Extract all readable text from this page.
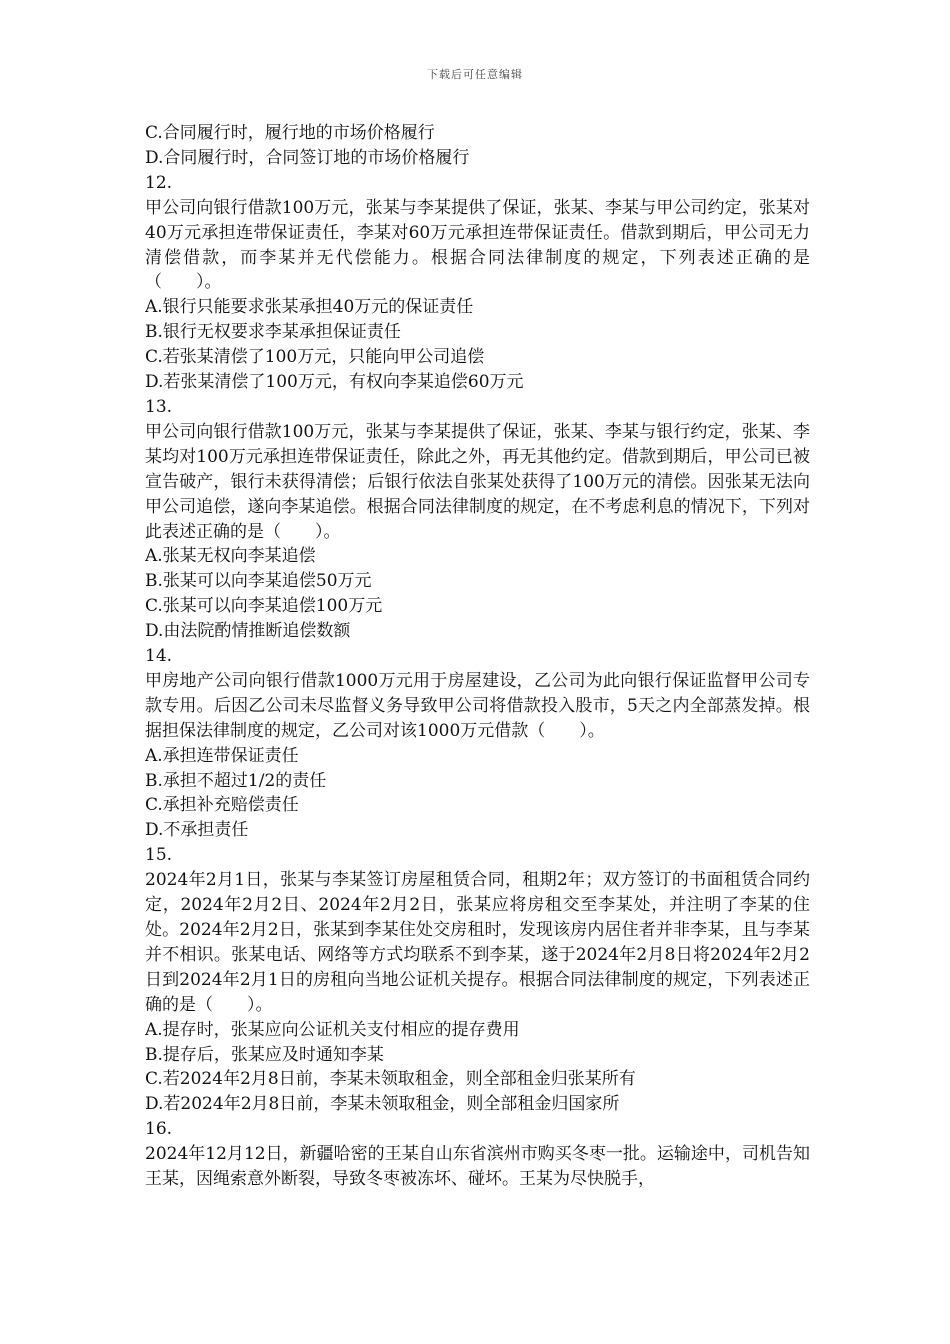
下载后可任意编辑
C.合同履行时，履行地的市场价格履行
D.合同履行时，合同签订地的市场价格履行
12.
甲公司向银行借款100万元，张某与李某提供了保证，张某、李某与甲公司约定，张某对40万元承担连带保证责任，李某对60万元承担连带保证责任。借款到期后，甲公司无力清偿借款，而李某并无代偿能力。根据合同法律制度的规定，下列表述正确的是（　　）。
A.银行只能要求张某承担40万元的保证责任
B.银行无权要求李某承担保证责任
C.若张某清偿了100万元，只能向甲公司追偿
D.若张某清偿了100万元，有权向李某追偿60万元
13.
甲公司向银行借款100万元，张某与李某提供了保证，张某、李某与银行约定，张某、李某均对100万元承担连带保证责任，除此之外，再无其他约定。借款到期后，甲公司已被宣告破产，银行未获得清偿；后银行依法自张某处获得了100万元的清偿。因张某无法向甲公司追偿，遂向李某追偿。根据合同法律制度的规定，在不考虑利息的情况下，下列对此表述正确的是（　　）。
A.张某无权向李某追偿
B.张某可以向李某追偿50万元
C.张某可以向李某追偿100万元
D.由法院酌情推断追偿数额
14.
甲房地产公司向银行借款1000万元用于房屋建设，乙公司为此向银行保证监督甲公司专款专用。后因乙公司未尽监督义务导致甲公司将借款投入股市，5天之内全部蒸发掉。根据担保法律制度的规定，乙公司对该1000万元借款（　　）。
A.承担连带保证责任
B.承担不超过1/2的责任
C.承担补充赔偿责任
D.不承担责任
15.
2024年2月1日，张某与李某签订房屋租赁合同，租期2年；双方签订的书面租赁合同约定，2024年2月2日、2024年2月2日，张某应将房租交至李某处，并注明了李某的住处。2024年2月2日，张某到李某住处交房租时，发现该房内居住者并非李某，且与李某并不相识。张某电话、网络等方式均联系不到李某，遂于2024年2月8日将2024年2月2日到2024年2月1日的房租向当地公证机关提存。根据合同法律制度的规定，下列表述正确的是（　　）。
A.提存时，张某应向公证机关支付相应的提存费用
B.提存后，张某应及时通知李某
C.若2024年2月8日前，李某未领取租金，则全部租金归张某所有
D.若2024年2月8日前，李某未领取租金，则全部租金归国家所
16.
2024年12月12日，新疆哈密的王某自山东省滨州市购买冬枣一批。运输途中，司机告知王某，因绳索意外断裂，导致冬枣被冻坏、碰坏。王某为尽快脱手，
